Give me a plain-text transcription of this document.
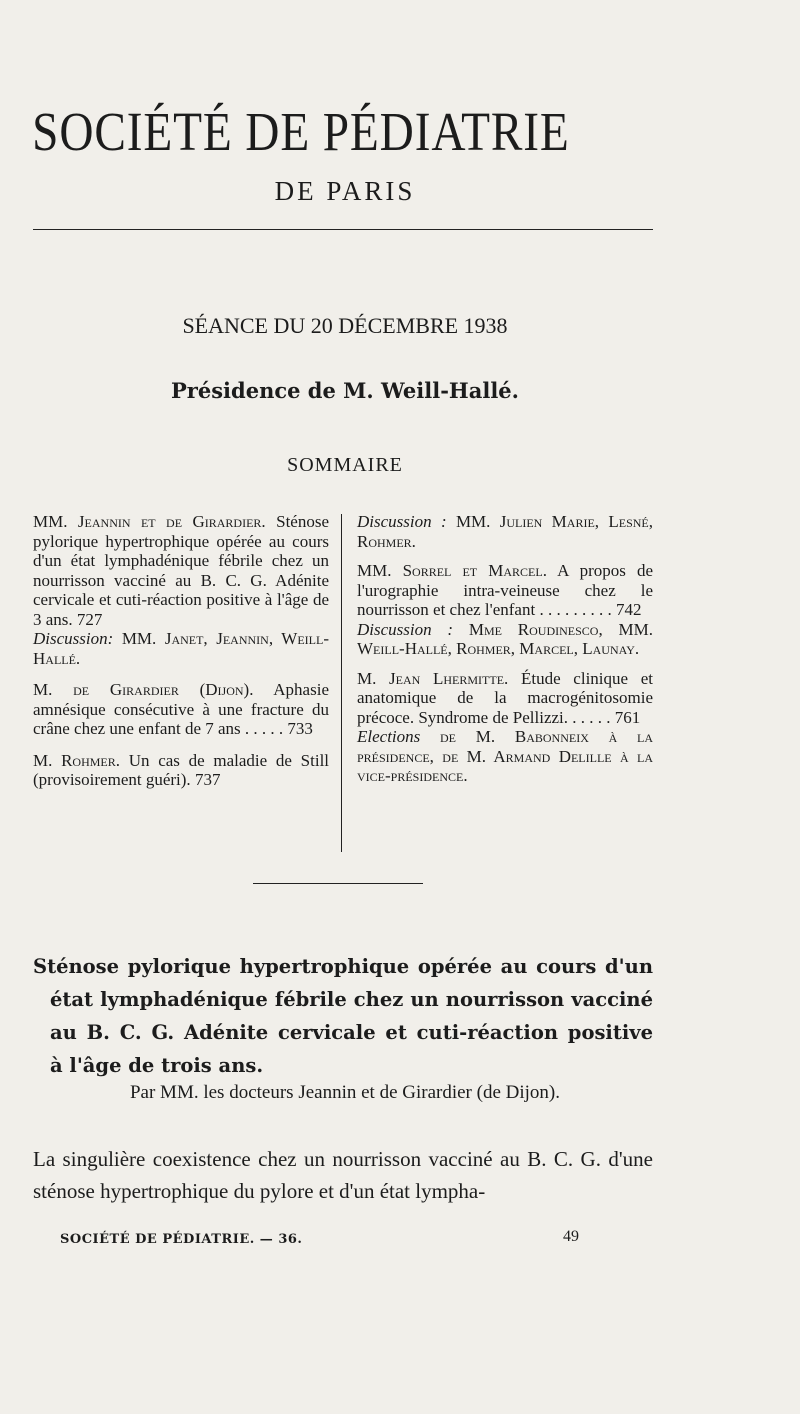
SOCIÉTÉ DE PÉDIATRIE
DE PARIS
SÉANCE DU 20 DÉCEMBRE 1938
Présidence de M. Weill-Hallé.
SOMMAIRE
MM. Jeannin et de Girardier. Sténose pylorique hypertrophique opérée au cours d'un état lymphadénique fébrile chez un nourrisson vacciné au B. C. G. Adénite cervicale et cuti-réaction positive à l'âge de 3 ans. 727
Discussion: MM. Janet, Jeannin, Weill-Hallé.
M. de Girardier (Dijon). Aphasie amnésique consécutive à une fracture du crâne chez une enfant de 7 ans . . . . . 733
M. Rohmer. Un cas de maladie de Still (provisoirement guéri). 737
Discussion : MM. Julien Marie, Lesné, Rohmer.
MM. Sorrel et Marcel. A propos de l'urographie intra-veineuse chez le nourrisson et chez l'enfant . . . . . . . . . 742
Discussion : Mme Roudinesco, MM. Weill-Hallé, Rohmer, Marcel, Launay.
M. Jean Lhermitte. Étude clinique et anatomique de la macrogénitosomie précoce. Syndrome de Pellizzi. . . . . . 761
Elections de M. Babonneix à la présidence, de M. Armand Delille à la vice-présidence.
Sténose pylorique hypertrophique opérée au cours d'un
état lymphadénique fébrile chez un nourrisson vacciné
au B. C. G. Adénite cervicale et cuti-réaction positive
à l'âge de trois ans.
Par MM. les docteurs Jeannin et de Girardier (de Dijon).
La singulière coexistence chez un nourrisson vacciné au B. C. G. d'une sténose hypertrophique du pylore et d'un état lympha-
SOCIÉTÉ DE PÉDIATRIE. — 36.	49
